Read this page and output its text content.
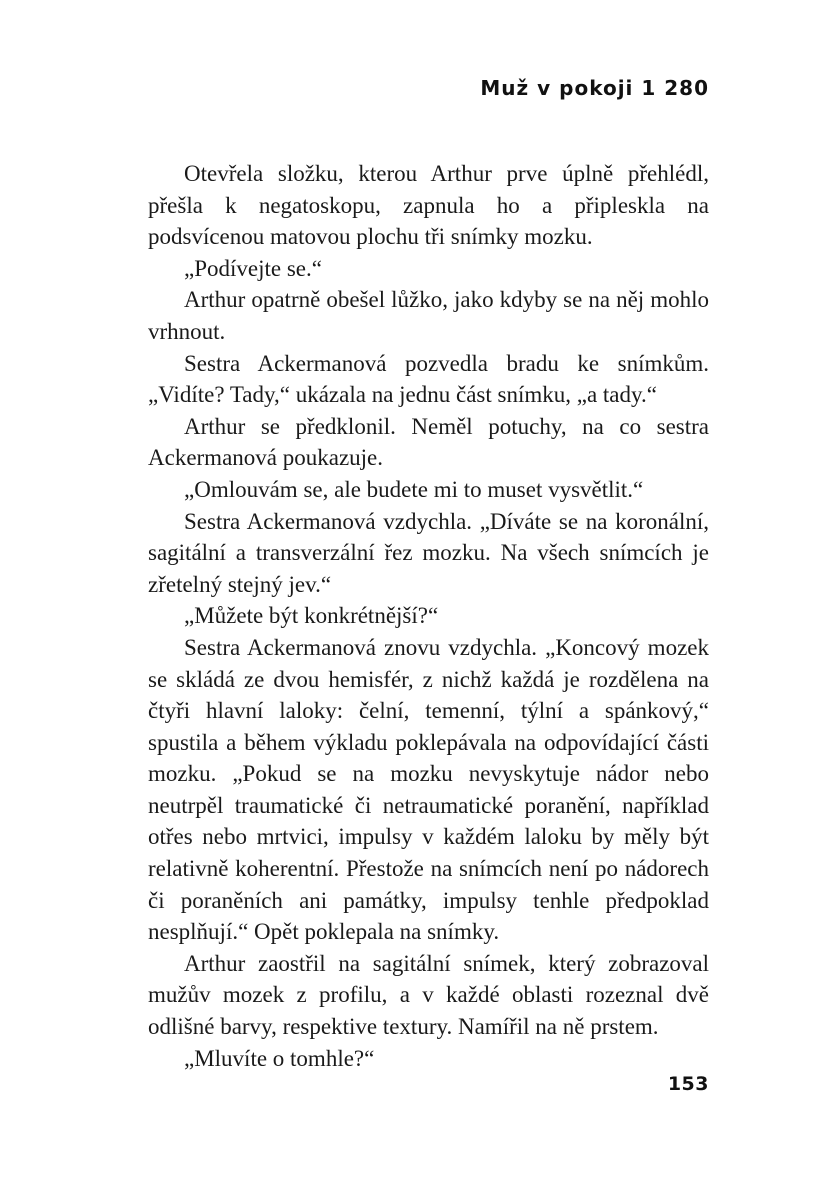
Muž v pokoji 1 280

Otevřela složku, kterou Arthur prve úplně přehlédl, přešla k negatoskopu, zapnula ho a připleskla na podsvícenou matovou plochu tři snímky mozku.

„Podívejte se.“

Arthur opatrně obešel lůžko, jako kdyby se na něj mohlo vrhnout.

Sestra Ackermanová pozvedla bradu ke snímkům. „Vidíte? Tady,“ ukázala na jednu část snímku, „a tady.“

Arthur se předklonil. Neměl potuchy, na co sestra Ackermanová poukazuje.

„Omlouvám se, ale budete mi to muset vysvětlit.“

Sestra Ackermanová vzdychla. „Díváte se na koronální, sagitální a transverzální řez mozku. Na všech snímcích je zřetelný stejný jev.“

„Můžete být konkrétnější?“

Sestra Ackermanová znovu vzdychla. „Koncový mozek se skládá ze dvou hemisfér, z nichž každá je rozdělena na čtyři hlavní laloky: čelní, temenní, týlní a spánkový,“ spustila a během výkladu poklepávala na odpovídající části mozku. „Pokud se na mozku nevyskytuje nádor nebo neutrpěl traumatické či netraumatické poranění, například otřes nebo mrtvici, impulsy v každém laloku by měly být relativně koherentní. Přestože na snímcích není po nádorech či poraněních ani památky, impulsy tenhle předpoklad nesplňují.“ Opět poklepala na snímky.

Arthur zaostřil na sagitální snímek, který zobrazoval mužův mozek z profilu, a v každé oblasti rozeznal dvě odlišné barvy, respektive textury. Namířil na ně prstem.

„Mluvíte o tomhle?“

153
